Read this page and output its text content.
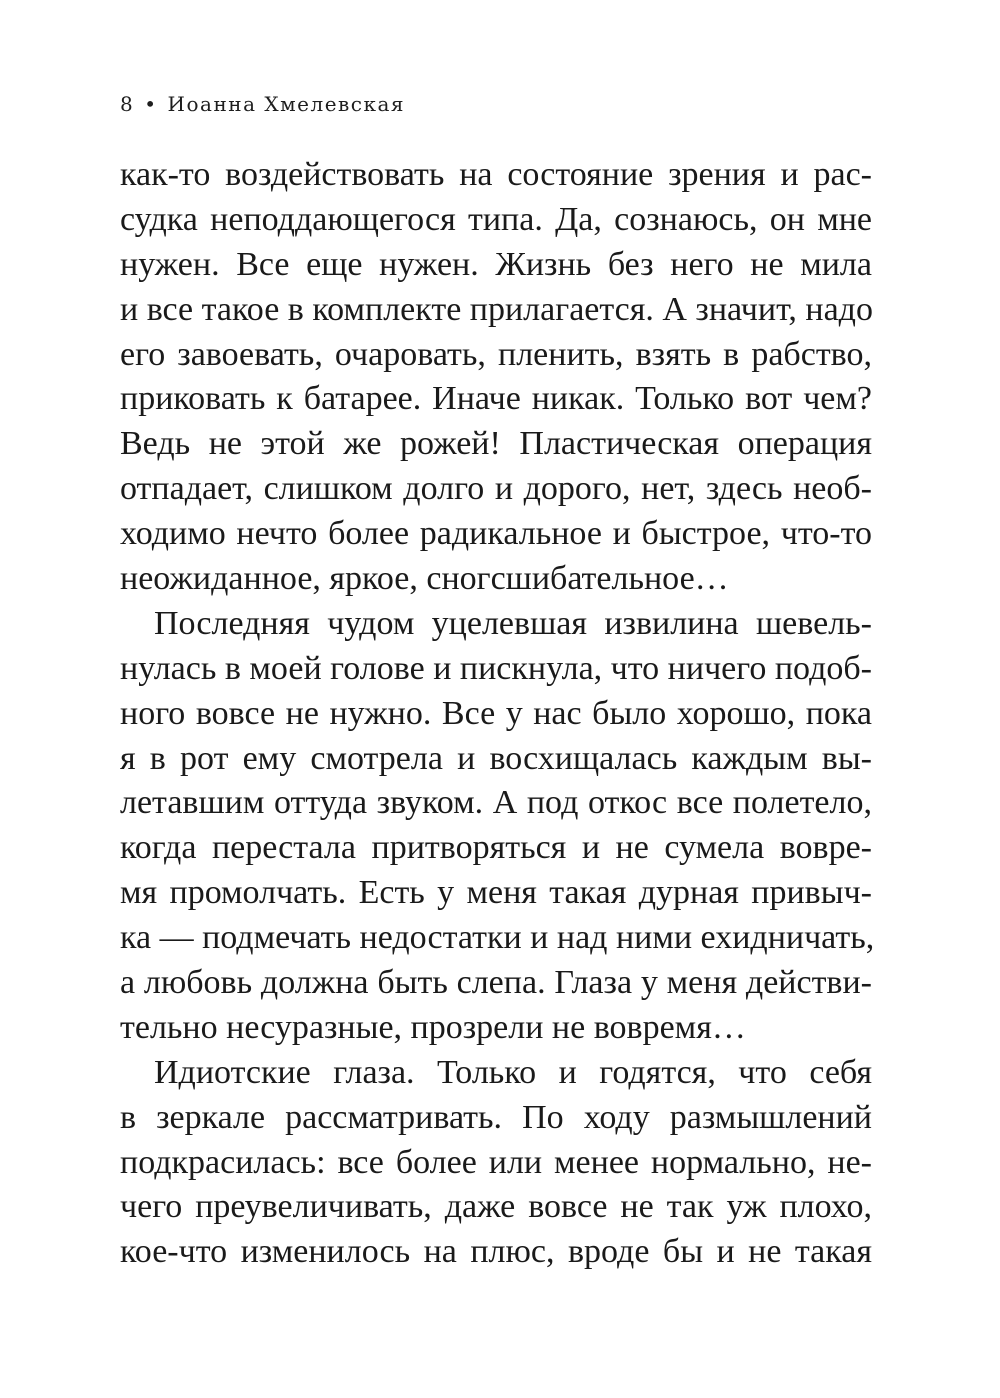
8 • Иоанна Хмелевская
как-то воздействовать на состояние зрения и рас-
судка неподдающегося типа. Да, сознаюсь, он мне
нужен. Все еще нужен. Жизнь без него не мила
и все такое в комплекте прилагается. А значит, надо
его завоевать, очаровать, пленить, взять в рабство,
приковать к батарее. Иначе никак. Только вот чем?
Ведь не этой же рожей! Пластическая операция
отпадает, слишком долго и дорого, нет, здесь необ-
ходимо нечто более радикальное и быстрое, что-то
неожиданное, яркое, сногсшибательное…
Последняя чудом уцелевшая извилина шевель-
нулась в моей голове и пискнула, что ничего подоб-
ного вовсе не нужно. Все у нас было хорошо, пока
я в рот ему смотрела и восхищалась каждым вы-
летавшим оттуда звуком. А под откос все полетело,
когда перестала притворяться и не сумела вовре-
мя промолчать. Есть у меня такая дурная привыч-
ка — подмечать недостатки и над ними ехидничать,
а любовь должна быть слепа. Глаза у меня действи-
тельно несуразные, прозрели не вовремя…
Идиотские глаза. Только и годятся, что себя
в зеркале рассматривать. По ходу размышлений
подкрасилась: все более или менее нормально, не-
чего преувеличивать, даже вовсе не так уж плохо,
кое-что изменилось на плюс, вроде бы и не такая
